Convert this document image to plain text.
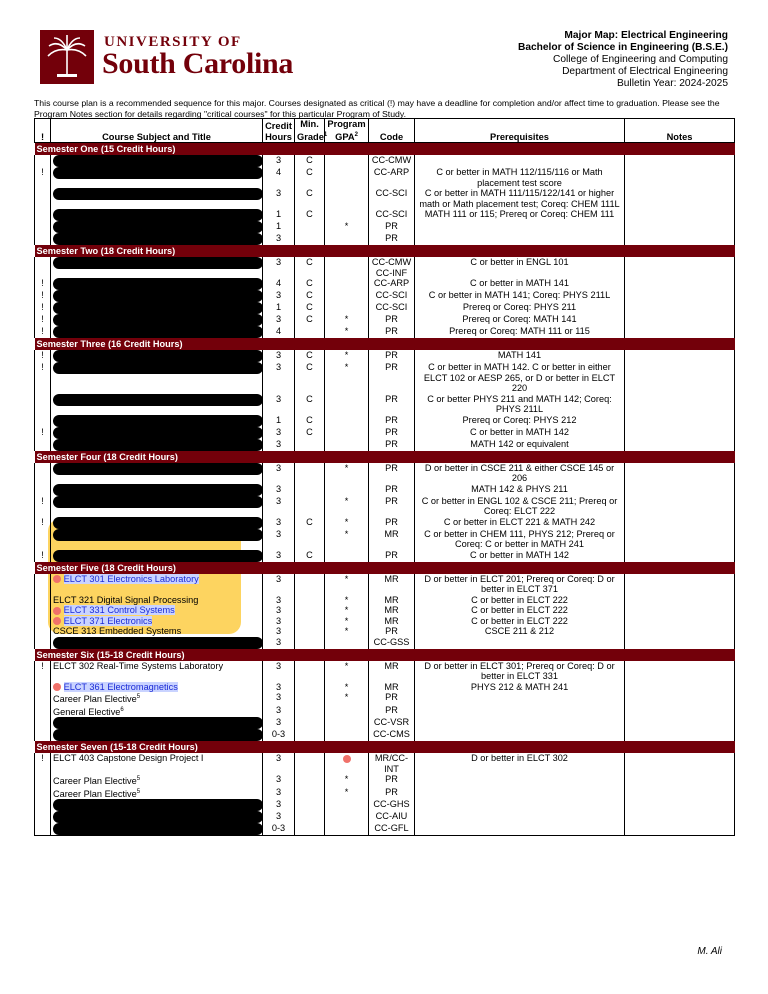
UNIVERSITY OF
South Carolina
Major Map: Electrical Engineering
Bachelor of Science in Engineering (B.S.E.)
College of Engineering and Computing
Department of Electrical Engineering
Bulletin Year: 2024-2025
This course plan is a recommended sequence for this major. Courses designated as critical (!) may have a deadline for completion and/or affect time to graduation. Please see the Program Notes section for details regarding "critical courses" for this particular Program of Study.
!	Course Subject and Title	Credit Hours	Min. Grade$^1$	Program GPA$^2$	Code	Prerequisites	Notes
Semester One (15 Credit Hours)							
		3	C		CC-CMW		
!		4	C		CC-ARP	C or better in MATH 112/115/116 or Math placement test score	
		3	C		CC-SCI	C or better in MATH 111/115/122/141 or higher math or Math placement test; Coreq: CHEM 111L	
		1	C		CC-SCI	MATH 111 or 115; Prereq or Coreq: CHEM 111	
		1		*	PR		
		3			PR		
Semester Two (18 Credit Hours)							
		3	C		CC-CMW CC-INF	C or better in ENGL 101	
!		4	C		CC-ARP	C or better in MATH 141	
!		3	C		CC-SCI	C or better in MATH 141; Coreq: PHYS 211L	
!		1	C		CC-SCI	Prereq or Coreq: PHYS 211	
!		3	C	*	PR	Prereq or Coreq: MATH 141	
!		4		*	PR	Prereq or Coreq: MATH 111 or 115	
Semester Three (16 Credit Hours)							
!		3	C	*	PR	MATH 141	
!		3	C	*	PR	C or better in MATH 142. C or better in either ELCT 102 or AESP 265, or D or better in ELCT 220	
		3	C		PR	C or better PHYS 211 and MATH 142; Coreq: PHYS 211L	
		1	C		PR	Prereq or Coreq: PHYS 212	
!		3	C		PR	C or better in MATH 142	
		3			PR	MATH 142 or equivalent	
Semester Four (18 Credit Hours)							
		3		*	PR	D or better in CSCE 211 & either CSCE 145 or 206	
		3			PR	MATH 142 & PHYS 211	
!		3		*	PR	C or better in ENGL 102 & CSCE 211; Prereq or Coreq: ELCT 222	
!		3	C	*	PR	C or better in ELCT 221 & MATH 242	
		3		*	MR	C or better in CHEM 111, PHYS 212; Prereq or Coreq: C or better in MATH 241	
!		3	C		PR	C or better in MATH 142	
Semester Five (18 Credit Hours)							
	ELCT 301 Electronics Laboratory	3		*	MR	D or better in ELCT 201; Prereq or Coreq: D or better in ELCT 371	
	ELCT 321 Digital Signal Processing	3		*	MR	C or better in ELCT 222	
	ELCT 331 Control Systems	3		*	MR	C or better in ELCT 222	
	ELCT 371 Electronics	3		*	MR	C or better in ELCT 222	
	CSCE 313 Embedded Systems	3		*	PR	CSCE 211 & 212	
		3			CC-GSS		
Semester Six (15-18 Credit Hours)							
!	ELCT 302 Real-Time Systems Laboratory	3		*	MR	D or better in ELCT 301; Prereq or Coreq: D or better in ELCT 331	
	ELCT 361 Electromagnetics	3		*	MR	PHYS 212 & MATH 241	
	Career Plan Elective$^5$	3		*	PR		
	General Elective$^6$	3			PR		
		3			CC-VSR		
		0-3			CC-CMS		
Semester Seven (15-18 Credit Hours)							
!	ELCT 403 Capstone Design Project I	3			MR/CC-INT	D or better in ELCT 302	
	Career Plan Elective$^5$	3		*	PR		
	Career Plan Elective$^5$	3		*	PR		
		3			CC-GHS		
		3			CC-AIU		
		0-3			CC-GFL		
M. Ali
